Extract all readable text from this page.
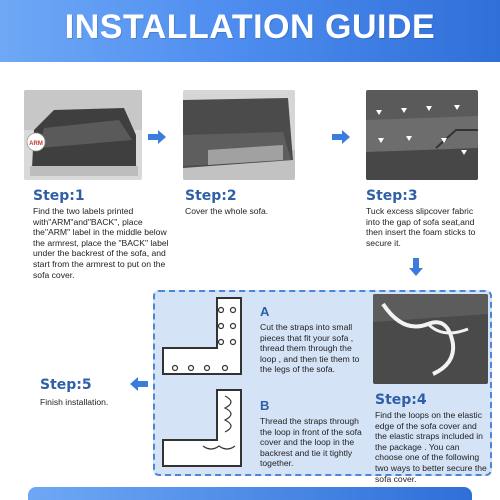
INSTALLATION GUIDE
ARM
Step:1
Find the two labels printed with"ARM"and"BACK", place the"ARM" label in the middle below the armrest, place the "BACK" label under the backrest of the sofa, and start from the armrest to put on the sofa cover.
Step:2
Cover the whole sofa.
Step:3
Tuck excess slipcover fabric into the gap of sofa seat,and then insert the foam sticks to secure it.
Step:5
Finish installation.
A
Cut the straps into small pieces that fit your sofa , thread them through the loop , and then tie them to the legs of the sofa.
B
Thread the straps through the loop in front of the sofa cover and the loop in the backrest and tie it tightly together.
Step:4
Find the loops on the elastic edge of the sofa cover and the elastic straps included in the package . You can choose one of the following two ways to better secure the sofa cover.
